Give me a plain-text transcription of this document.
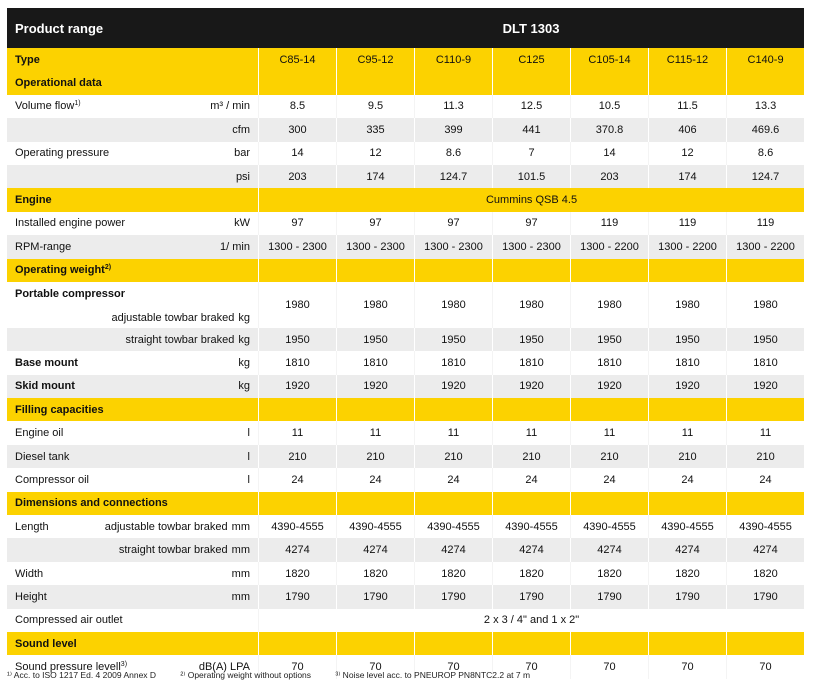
Product range	DLT 1303						
Type	C85-14	C95-12	C110-9	C125	C105-14	C115-12	C140-9
Operational data							

Volume flow$^{1)}$ m³ / min	8.5	9.5	11.3	12.5	10.5	11.5	13.3

cfm	300	335	399	441	370.8	406	469.6

Operating pressure bar	14	12	8.6	7	14	12	8.6

psi	203	174	124.7	101.5	203	174	124.7
Engine	Cummins QSB 4.5						

Installed engine power kW	97	97	97	97	119	119	119

RPM-range 1/ min	1300 - 2300	1300 - 2300	1300 - 2300	1300 - 2300	1300 - 2200	1300 - 2200	1300 - 2200
Operating weight$^{2)}$							

Portable compressor
adjustable towbar braked kg	1980	1980	1980	1980	1980	1980	1980

straight towbar braked kg	1950	1950	1950	1950	1950	1950	1950

Base mount kg	1810	1810	1810	1810	1810	1810	1810

Skid mount kg	1920	1920	1920	1920	1920	1920	1920
Filling capacities							

Engine oil l	11	11	11	11	11	11	11

Diesel tank l	210	210	210	210	210	210	210

Compressor oil l	24	24	24	24	24	24	24
Dimensions and connections							

Length adjustable towbar braked mm	4390-4555	4390-4555	4390-4555	4390-4555	4390-4555	4390-4555	4390-4555

straight towbar braked mm	4274	4274	4274	4274	4274	4274	4274

Width mm	1820	1820	1820	1820	1820	1820	1820

Height mm	1790	1790	1790	1790	1790	1790	1790

Compressed air outlet	2 x 3 / 4" and 1 x 2"						
Sound level							

Sound pressure levell$^{3)}$ dB(A) LPA	70	70	70	70	70	70	70
¹⁾ Acc. to ISO 1217 Ed. 4 2009 Annex D	²⁾ Operating weight without options	³⁾ Noise level acc. to PNEUROP PN8NTC2.2 at 7 m
